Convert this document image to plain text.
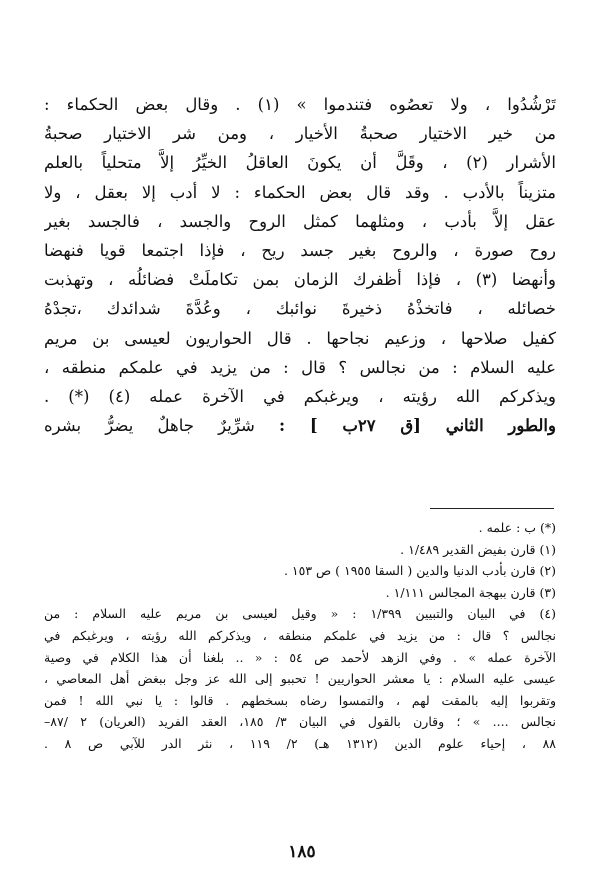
تَرْشُدُوا ، ولا تعصُوه فتندموا » (١) . وقال بعض الحكماء :
من خير الاختيار صحبةُ الأخيار ، ومن شر الاختيار صحبةُ
الأشرار (٢) ، وقَلَّ أن يكونَ العاقلُ الخيِّرُ إلاَّ متحلياً بالعلم
متزيناً بالأدب . وقد قال بعض الحكماء : لا أدب إلا بعقل ، ولا
عقل إلاَّ بأدب ، ومثلهما كمثل الروح والجسد ، فالجسد بغير
روح صورة ، والروح بغير جسد ريح ، فإذا اجتمعا قويا فنهضا
وأنهضا (٣) ، فإذا أظفرك الزمان بمن تكاملَتْ فضائلُه ، وتهذبت
خصائله ، فاتخذْهُ ذخيرةَ نوائبك ، وعُدَّةَ شدائدك ،تجدْهُ
كفيل صلاحها ، وزعيم نجاحها . قال الحواريون لعيسى بن مريم
عليه السلام : من نجالس ؟ قال : من يزيد في علمكم منطقه ،
ويذكركم الله رؤيته ، ويرغبكم في الآخرة عمله (٤) (*) .
والطور الثاني [ق ٢٧ب ] : شرِّيرٌ جاهلٌ يضرُّ بشره
(*) ب : علمه .
(١) قارن بفيض القدير ١/٤٨٩ .
(٢) قارن بأدب الدنيا والدين ( السقا ١٩٥٥ ) ص ١٥٣ .
(٣) قارن ببهجة المجالس ١/١١١ .
(٤) في البيان والتبيين ١/٣٩٩ : « وقيل لعيسى بن مريم عليه السلام : من
نجالس ؟ قال : من يزيد في علمكم منطقه ، ويذكركم الله رؤيته ، ويرغبكم في
الآخرة عمله » . وفي الزهد لأحمد ص ٥٤ : « .. بلغنا أن هذا الكلام في وصية
عيسى عليه السلام : يا معشر الحواريين ! تحببو إلى الله عز وجل ببغض أهل المعاصي ،
وتقربوا إليه بالمقت لهم ، والتمسوا رضاه بسخطهم . قالوا : يا نبي الله ! فمن
نجالس .... » ؛ وقارن بالقول في البيان ٣/ ١٨٥، العقد الفريد (العريان) ٢ /٨٧–
٨٨ ، إحياء علوم الدين (١٣١٢ هـ) ٢/ ١١٩ ، نثر الدر للآبي ص ٨ .
١٨٥
